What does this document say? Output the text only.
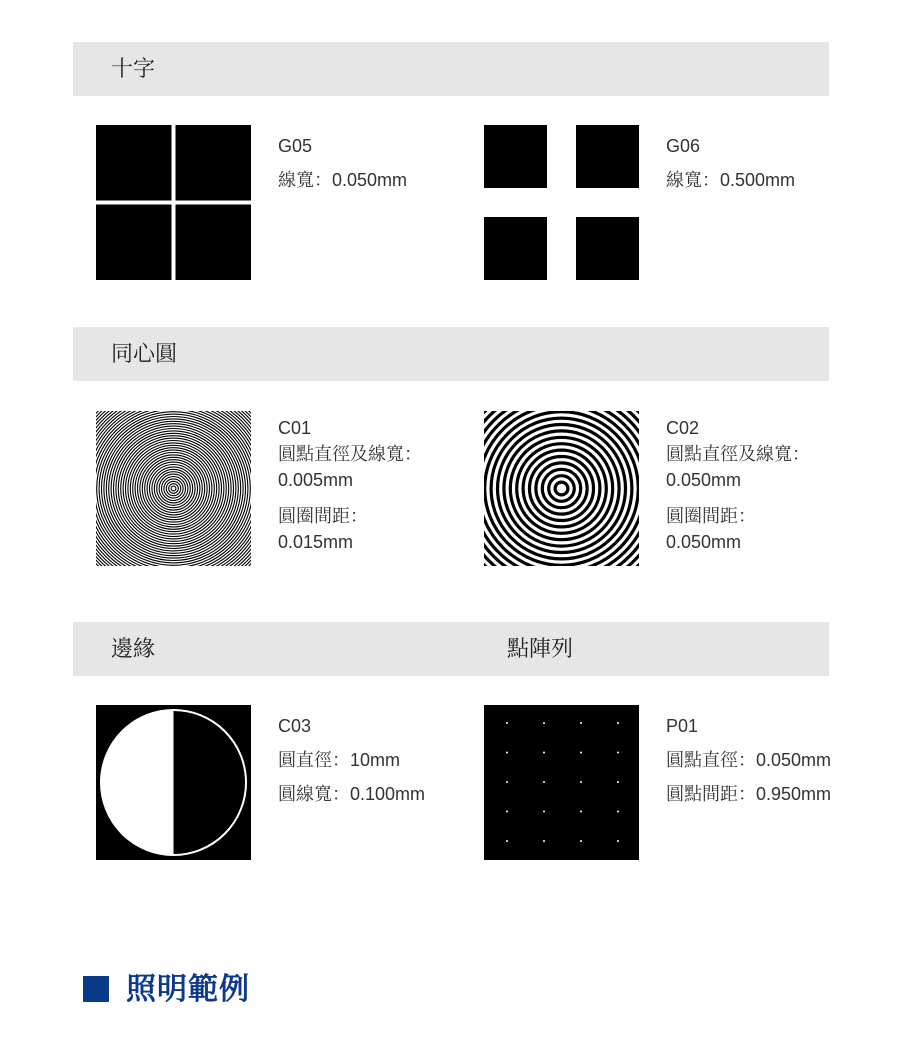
十字
G05
線寬：0.050mm
G06
線寬：0.500mm
同心圓
C01
圓點直徑及線寬：
0.005mm
圓圈間距：
0.015mm
C02
圓點直徑及線寬：
0.050mm
圓圈間距：
0.050mm
邊緣	點陣列
C03
圓直徑：10mm
圓線寬：0.100mm
P01
圓點直徑：0.050mm
圓點間距：0.950mm
照明範例
